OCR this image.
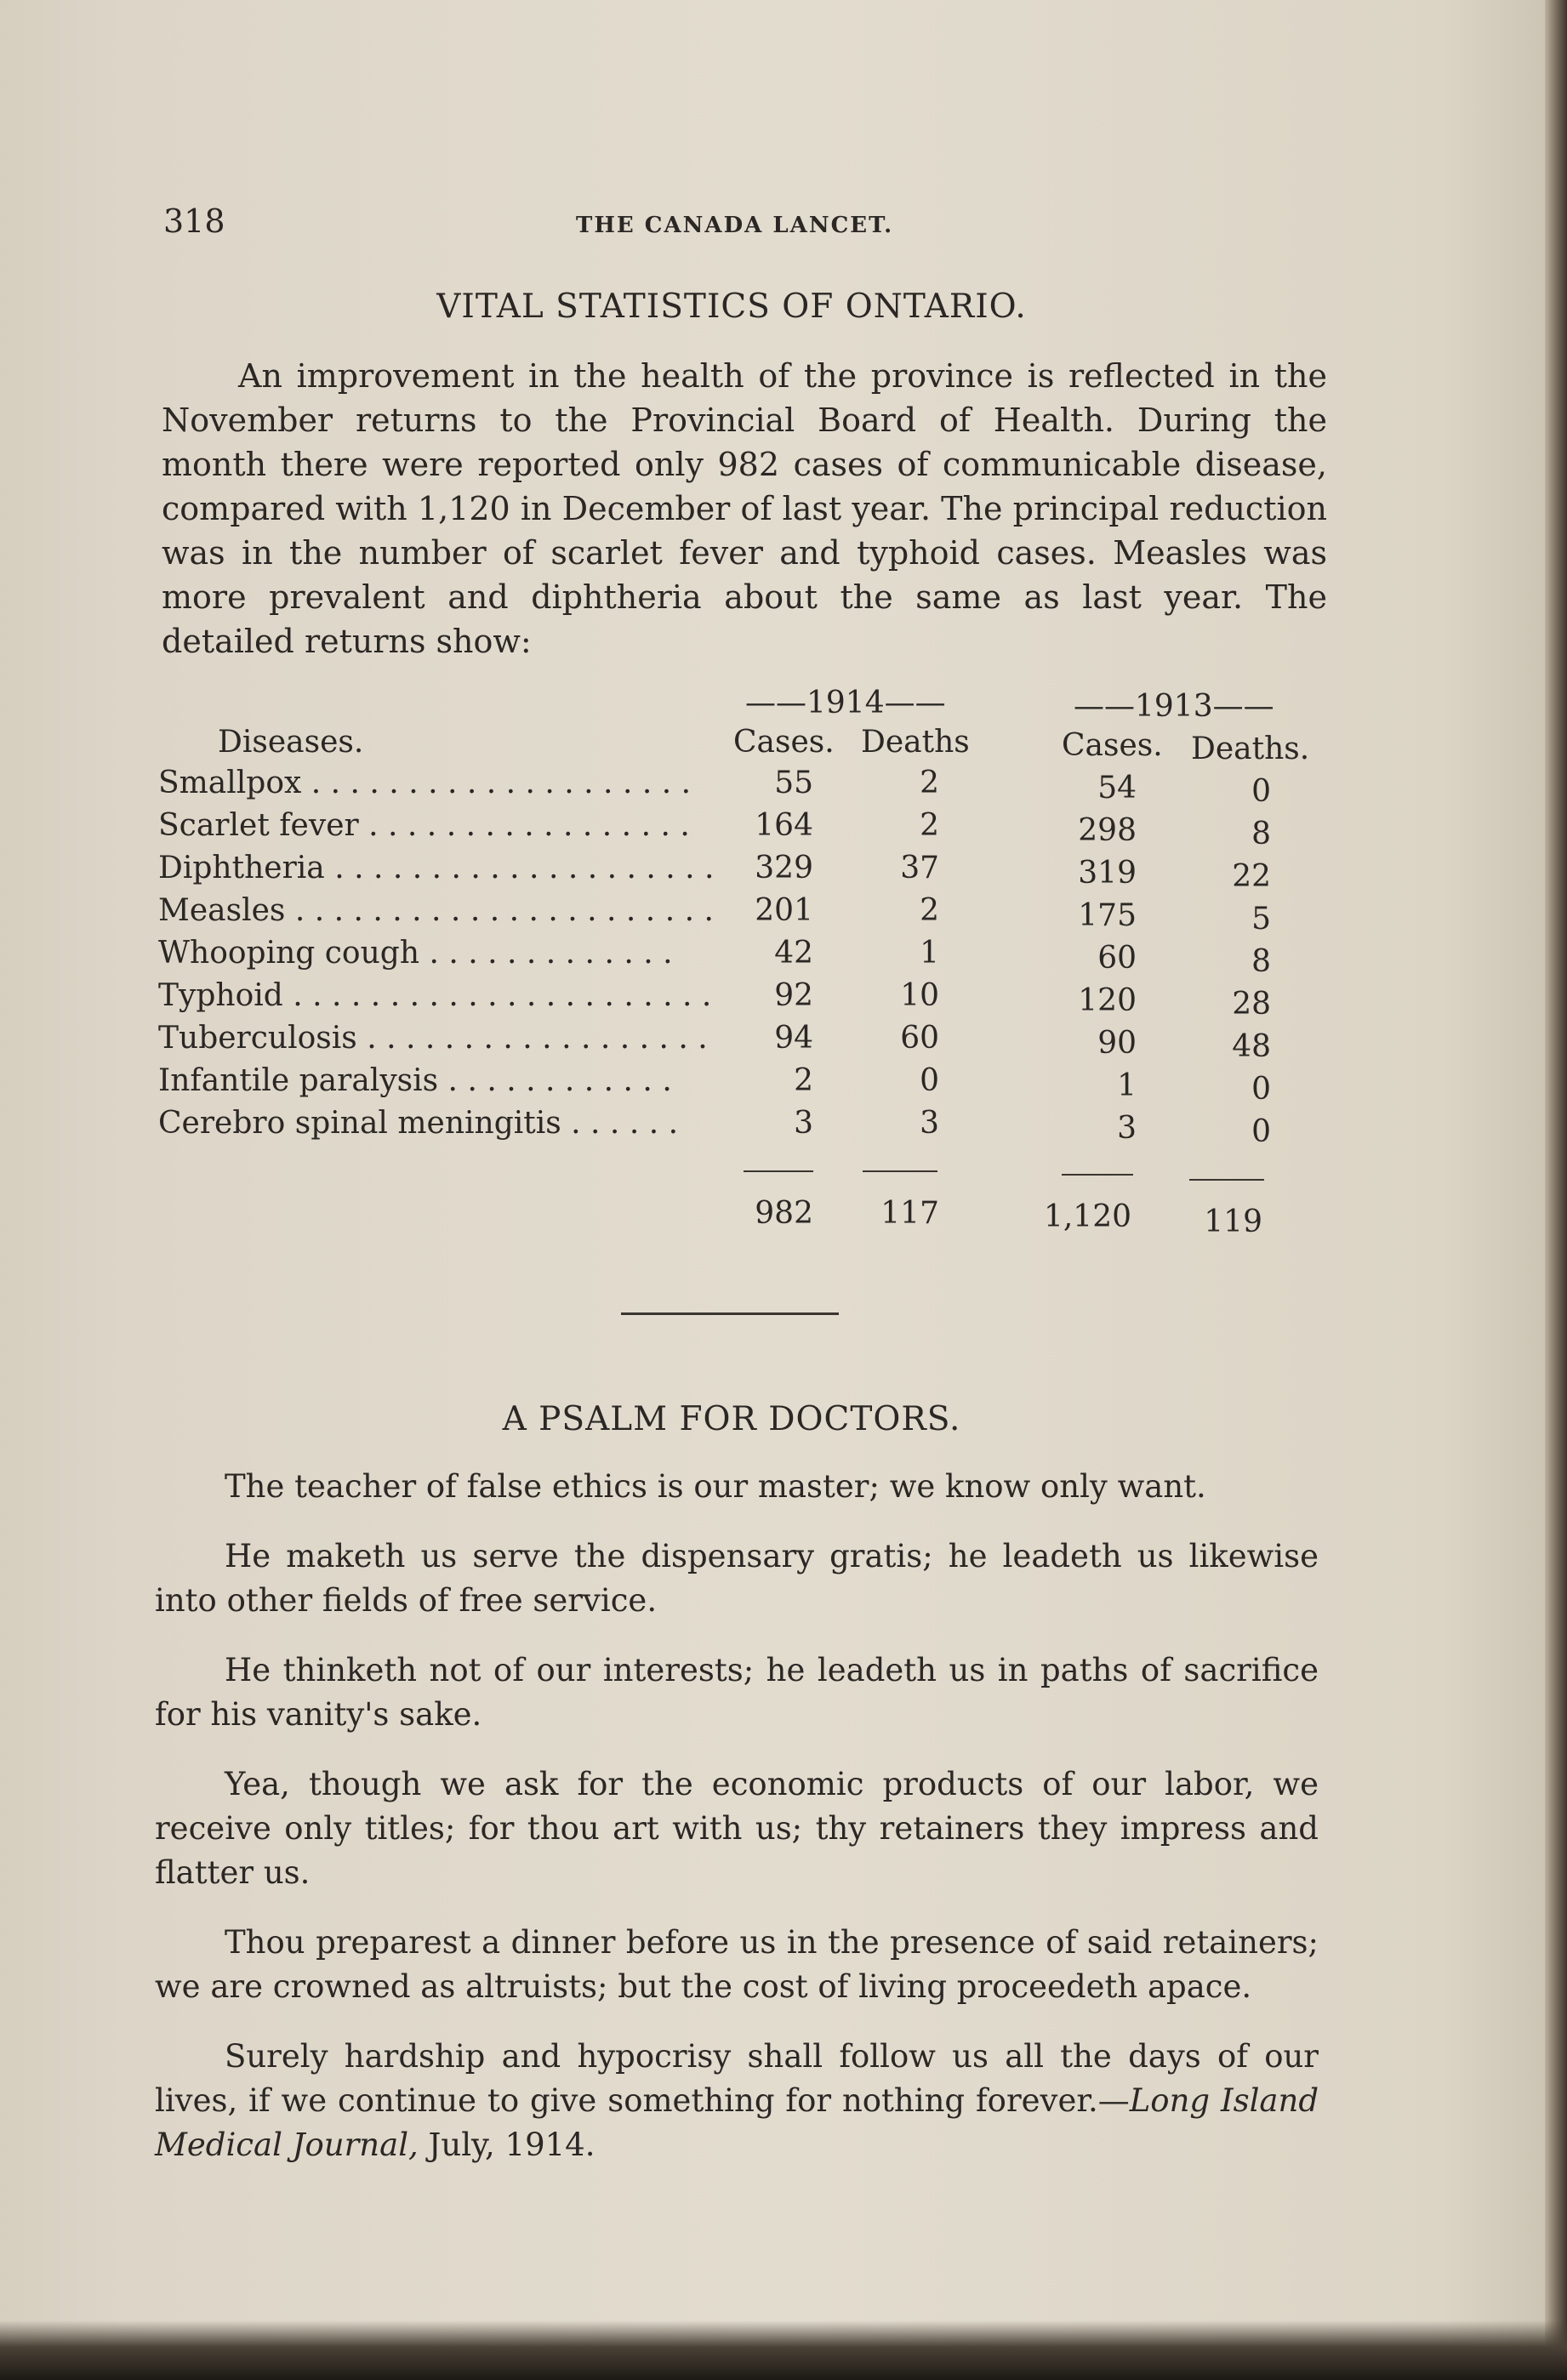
318	THE CANADA LANCET.
VITAL STATISTICS OF ONTARIO.

An improvement in the health of the province is reflected in the November returns to the Provincial Board of Health. During the month there were reported only 982 cases of communicable disease, compared with 1,120 in December of last year. The principal reduction was in the number of scarlet fever and typhoid cases. Measles was more prevalent and diphtheria about the same as last year. The detailed returns show:

——1914——	——1913——
Diseases.	Cases. Deaths	Cases. Deaths.
Smallpox . . . . . . . . . . . . . . . . . . . .	55	2	54	0
Scarlet fever . . . . . . . . . . . . . . . . .	164	2	298	8
Diphtheria . . . . . . . . . . . . . . . . . . . .	329	37	319	22
Measles . . . . . . . . . . . . . . . . . . . . . .	201	2	175	5
Whooping cough . . . . . . . . . . . . .	42	1	60	8
Typhoid . . . . . . . . . . . . . . . . . . . . . .	92	10	120	28
Tuberculosis . . . . . . . . . . . . . . . . . .	94	60	90	48
Infantile paralysis . . . . . . . . . . . .	2	0	1	0
Cerebro spinal meningitis . . . . . .	3	3	3	0
982	117	1,120	119
A PSALM FOR DOCTORS.

The teacher of false ethics is our master; we know only want.

He maketh us serve the dispensary gratis; he leadeth us likewise into other fields of free service.

He thinketh not of our interests; he leadeth us in paths of sacrifice for his vanity's sake.

Yea, though we ask for the economic products of our labor, we receive only titles; for thou art with us; thy retainers they impress and flatter us.

Thou preparest a dinner before us in the presence of said retainers; we are crowned as altruists; but the cost of living proceedeth apace.

Surely hardship and hypocrisy shall follow us all the days of our lives, if we continue to give something for nothing forever.—Long Island Medical Journal, July, 1914.
